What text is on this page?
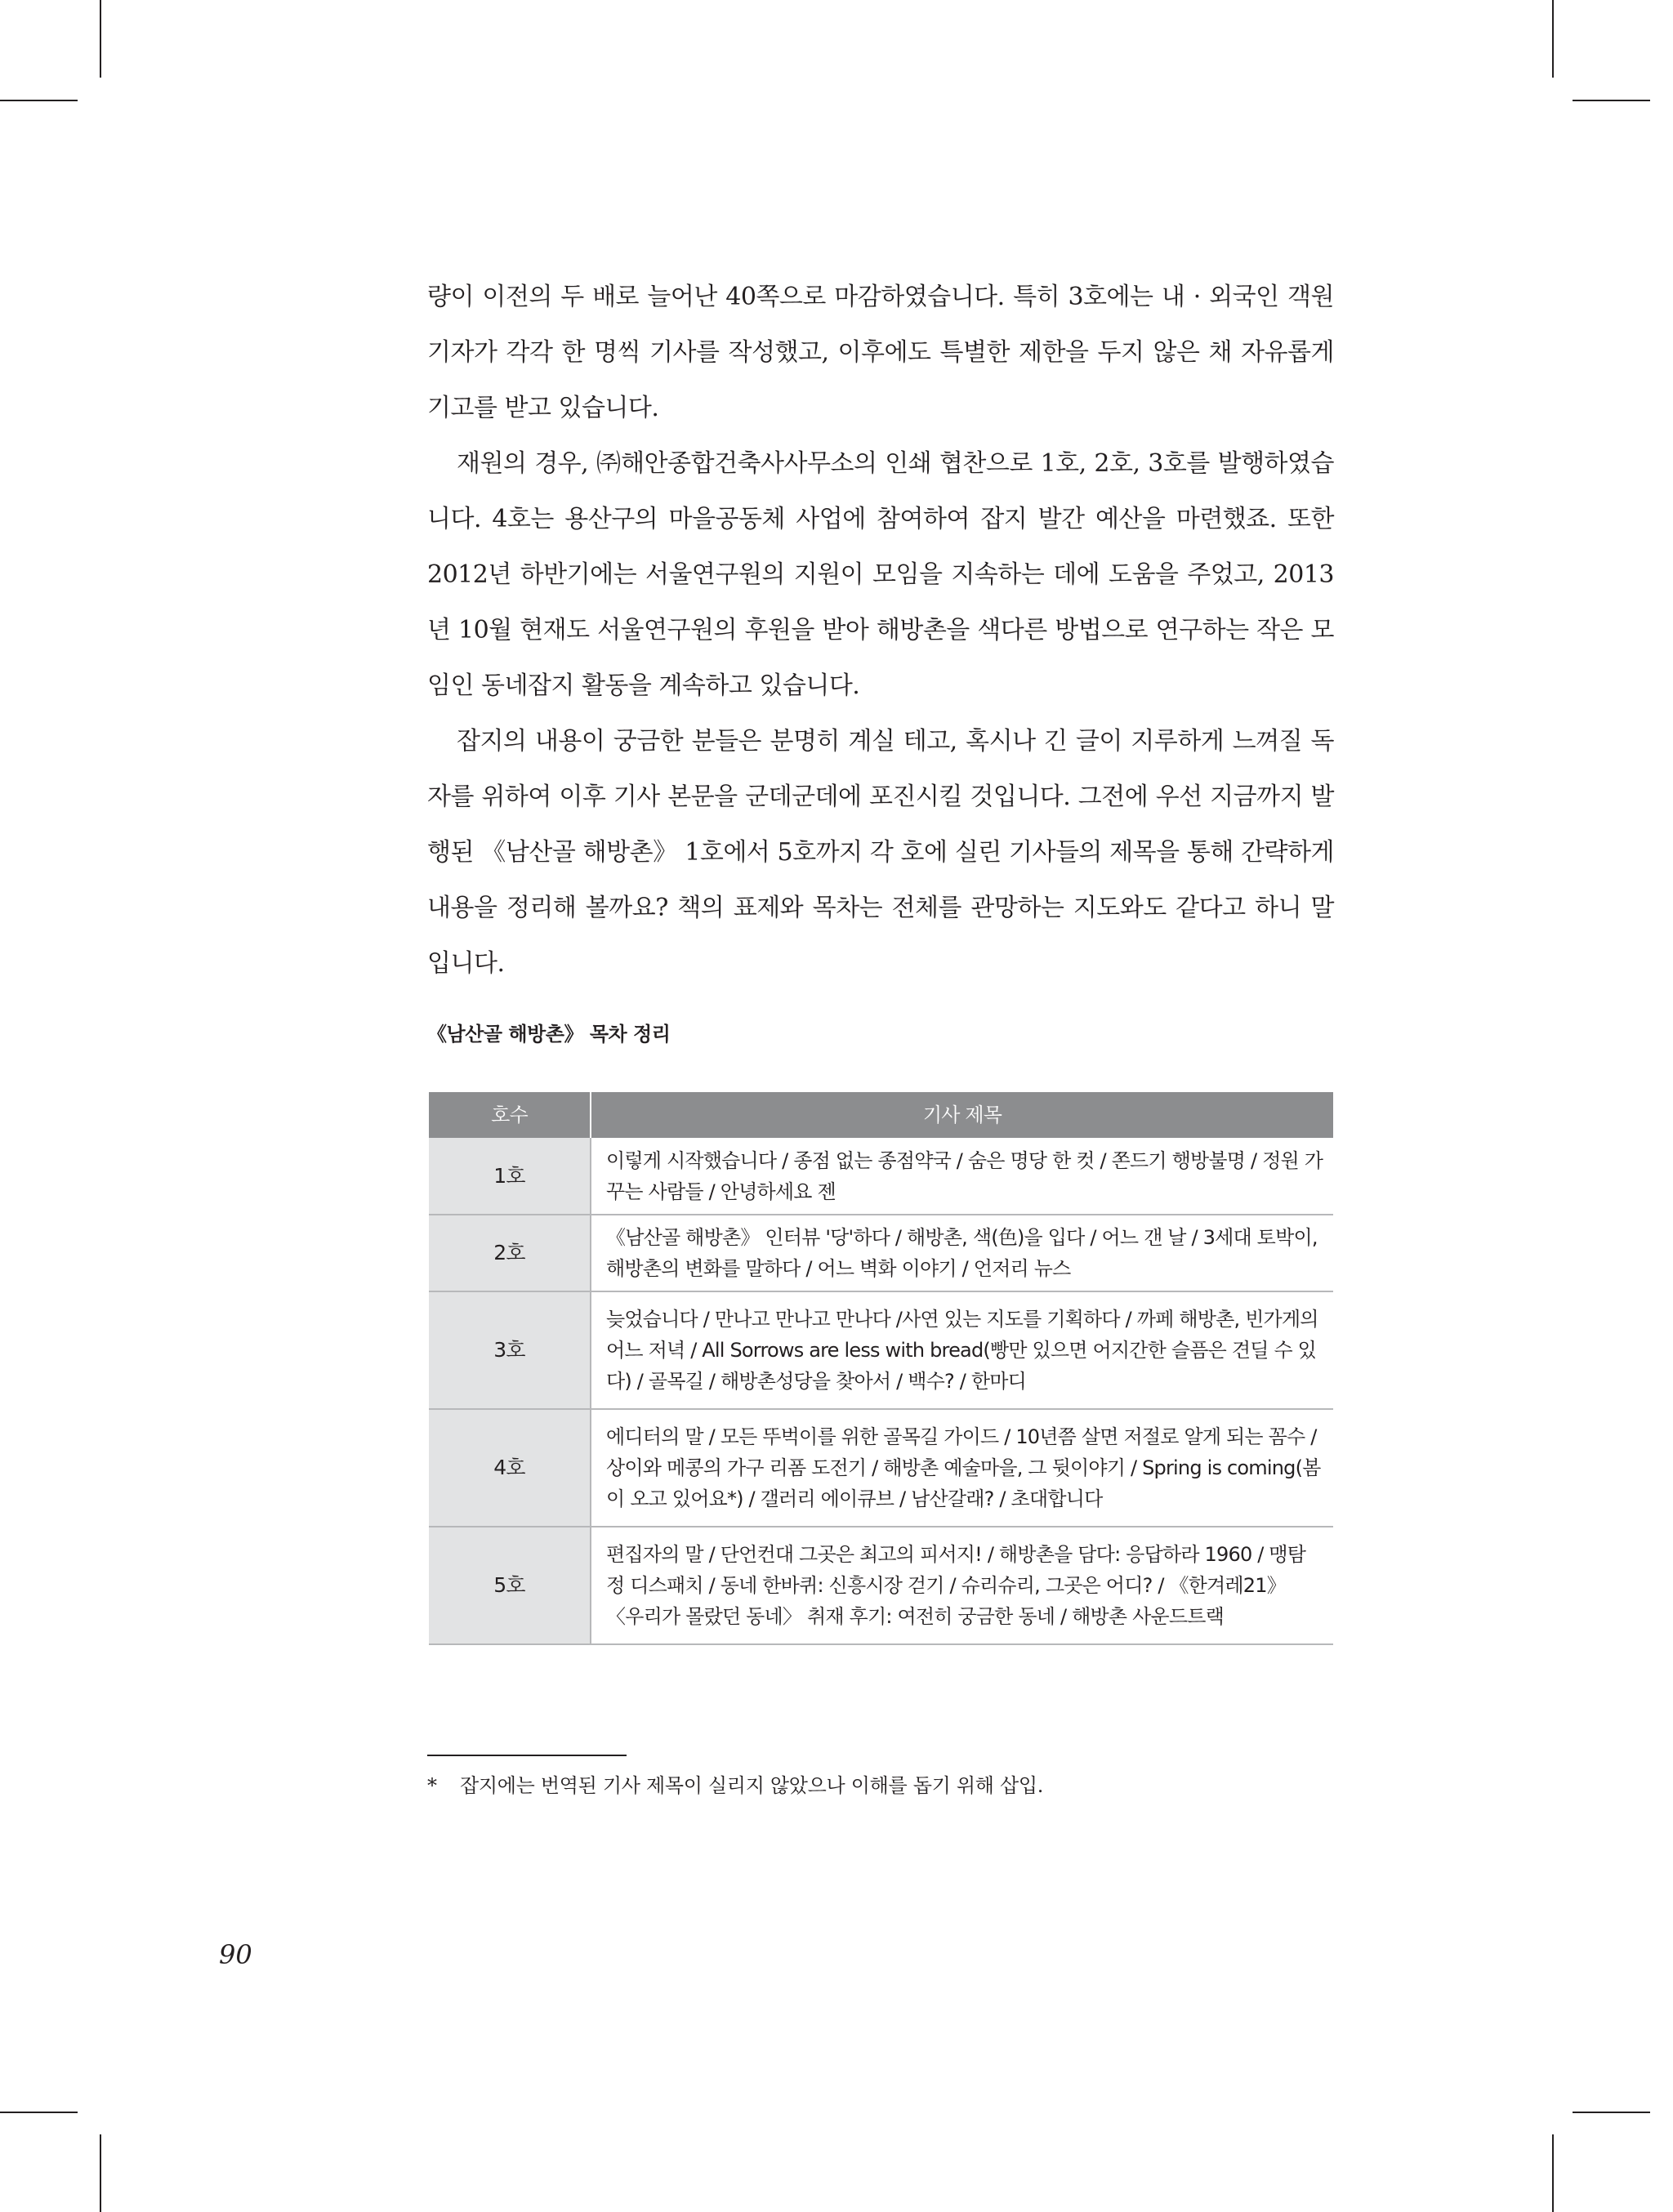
량이 이전의 두 배로 늘어난 40쪽으로 마감하였습니다. 특히 3호에는 내 · 외국인 객원기자가 각각 한 명씩 기사를 작성했고, 이후에도 특별한 제한을 두지 않은 채 자유롭게 기고를 받고 있습니다.

재원의 경우, ㈜해안종합건축사사무소의 인쇄 협찬으로 1호, 2호, 3호를 발행하였습니다. 4호는 용산구의 마을공동체 사업에 참여하여 잡지 발간 예산을 마련했죠. 또한 2012년 하반기에는 서울연구원의 지원이 모임을 지속하는 데에 도움을 주었고, 2013년 10월 현재도 서울연구원의 후원을 받아 해방촌을 색다른 방법으로 연구하는 작은 모임인 동네잡지 활동을 계속하고 있습니다.

잡지의 내용이 궁금한 분들은 분명히 계실 테고, 혹시나 긴 글이 지루하게 느껴질 독자를 위하여 이후 기사 본문을 군데군데에 포진시킬 것입니다. 그전에 우선 지금까지 발행된 《남산골 해방촌》 1호에서 5호까지 각 호에 실린 기사들의 제목을 통해 간략하게 내용을 정리해 볼까요? 책의 표제와 목차는 전체를 관망하는 지도와도 같다고 하니 말입니다.

《남산골 해방촌》 목차 정리
호수	기사 제목
1호	이렇게 시작했습니다 / 종점 없는 종점약국 / 숨은 명당 한 컷 / 쫀드기 행방불명 / 정원 가꾸는 사람들 / 안녕하세요 젠
2호	《남산골 해방촌》 인터뷰 '당'하다 / 해방촌, 색(色)을 입다 / 어느 갠 날 / 3세대 토박이, 해방촌의 변화를 말하다 / 어느 벽화 이야기 / 언저리 뉴스
3호	늦었습니다 / 만나고 만나고 만나다 /사연 있는 지도를 기획하다 / 까페 해방촌, 빈가게의 어느 저녁 / All Sorrows are less with bread(빵만 있으면 어지간한 슬픔은 견딜 수 있다) / 골목길 / 해방촌성당을 찾아서 / 백수? / 한마디
4호	에디터의 말 / 모든 뚜벅이를 위한 골목길 가이드 / 10년쯤 살면 저절로 알게 되는 꼼수 / 상이와 메콩의 가구 리폼 도전기 / 해방촌 예술마을, 그 뒷이야기 / Spring is coming(봄이 오고 있어요*) / 갤러리 에이큐브 / 남산갈래? / 초대합니다
5호	편집자의 말 / 단언컨대 그곳은 최고의 피서지! / 해방촌을 담다: 응답하라 1960 / 맹탐정 디스패치 / 동네 한바퀴: 신흥시장 걷기 / 슈리슈리, 그곳은 어디? / 《한겨레21》 〈우리가 몰랐던 동네〉 취재 후기: 여전히 궁금한 동네 / 해방촌 사운드트랙
* 잡지에는 번역된 기사 제목이 실리지 않았으나 이해를 돕기 위해 삽입.
90
